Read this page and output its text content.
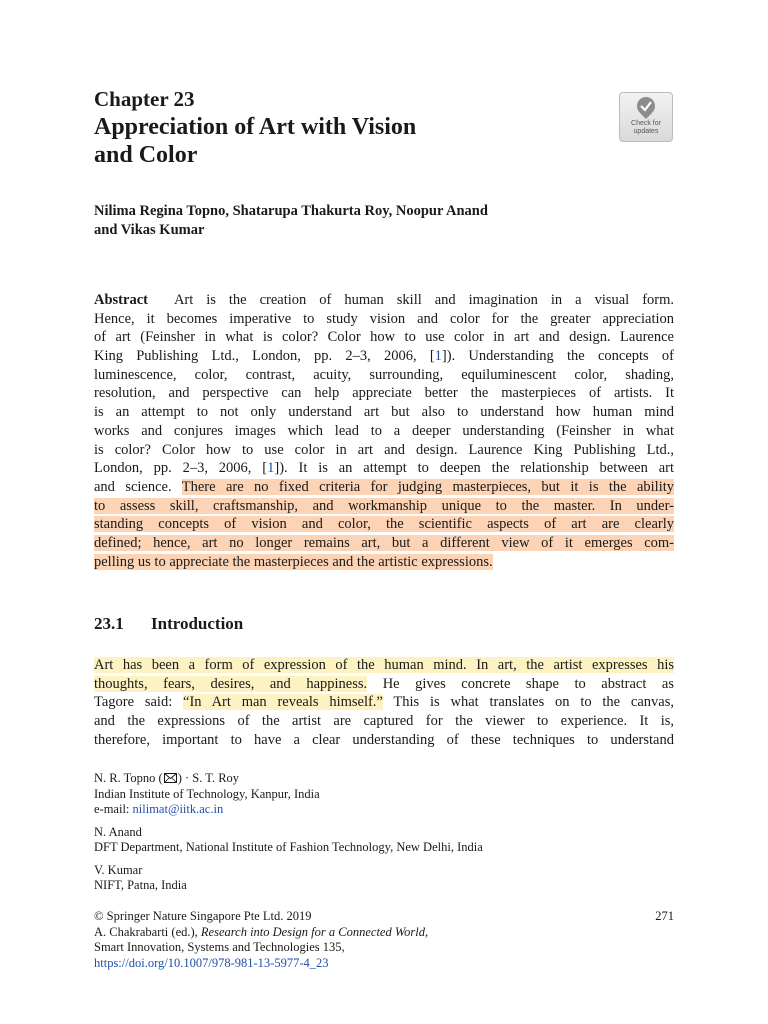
Chapter 23
Appreciation of Art with Vision
and Color
Check for
updates
Nilima Regina Topno, Shatarupa Thakurta Roy, Noopur Anand
and Vikas Kumar
Abstract Art is the creation of human skill and imagination in a visual form.
Hence, it becomes imperative to study vision and color for the greater appreciation
of art (Feinsher in what is color? Color how to use color in art and design. Laurence
King Publishing Ltd., London, pp. 2–3, 2006, [1]). Understanding the concepts of
luminescence, color, contrast, acuity, surrounding, equiluminescent color, shading,
resolution, and perspective can help appreciate better the masterpieces of artists. It
is an attempt to not only understand art but also to understand how human mind
works and conjures images which lead to a deeper understanding (Feinsher in what
is color? Color how to use color in art and design. Laurence King Publishing Ltd.,
London, pp. 2–3, 2006, [1]). It is an attempt to deepen the relationship between art
and science. There are no fixed criteria for judging masterpieces, but it is the ability
to assess skill, craftsmanship, and workmanship unique to the master. In under-
standing concepts of vision and color, the scientific aspects of art are clearly
defined; hence, art no longer remains art, but a different view of it emerges com-
pelling us to appreciate the masterpieces and the artistic expressions.
23.1 Introduction
Art has been a form of expression of the human mind. In art, the artist expresses his
thoughts, fears, desires, and happiness. He gives concrete shape to abstract as
Tagore said: “In Art man reveals himself.” This is what translates on to the canvas,
and the expressions of the artist are captured for the viewer to experience. It is,
therefore, important to have a clear understanding of these techniques to understand
N. R. Topno ( ) · S. T. Roy
Indian Institute of Technology, Kanpur, India
e-mail: nilimat@iitk.ac.in
N. Anand
DFT Department, National Institute of Fashion Technology, New Delhi, India
V. Kumar
NIFT, Patna, India
271
© Springer Nature Singapore Pte Ltd. 2019
A. Chakrabarti (ed.), Research into Design for a Connected World,
Smart Innovation, Systems and Technologies 135,
https://doi.org/10.1007/978-981-13-5977-4_23
